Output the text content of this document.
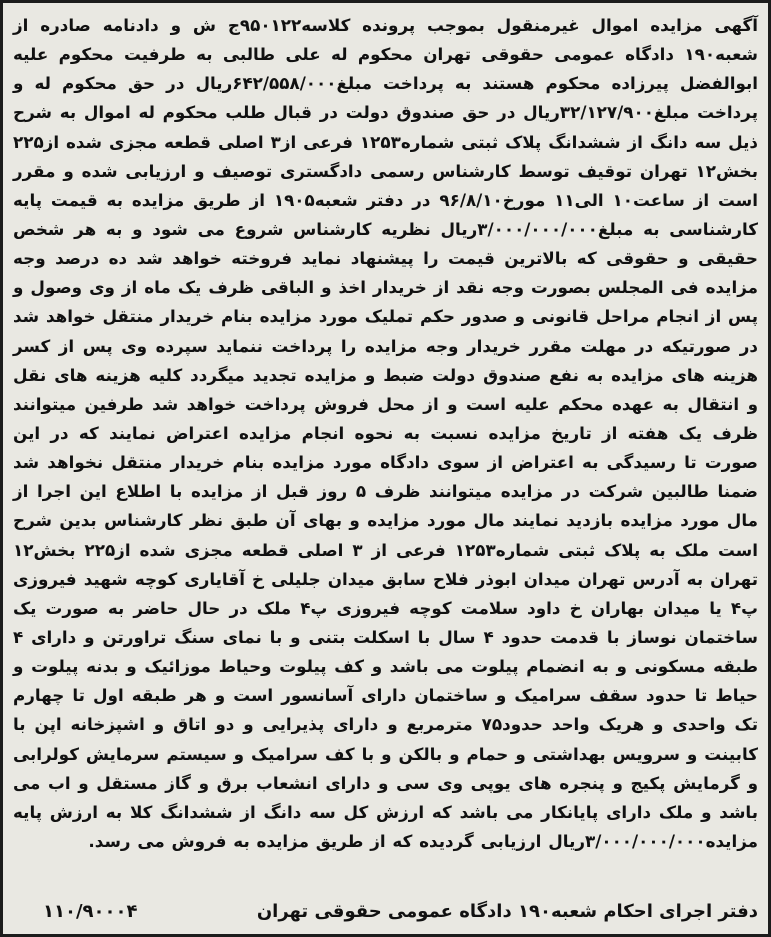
آگهی مزایده اموال غیرمنقول بموجب پرونده کلاسه۹۵۰۱۲۲ج ش و دادنامه صادره از شعبه۱۹۰ دادگاه عمومی حقوقی تهران محکوم له علی طالبی به طرفیت محکوم علیه ابوالفضل پیرزاده محکوم هستند به پرداخت مبلغ۶۴۲/۵۵۸/۰۰۰ریال در حق محکوم له و پرداخت مبلغ۳۲/۱۲۷/۹۰۰ریال در حق صندوق دولت در قبال طلب محکوم له اموال به شرح ذیل سه دانگ از ششدانگ پلاک ثبتی شماره۱۲۵۳ فرعی از۳ اصلی قطعه مجزی شده از۲۲۵ بخش۱۲ تهران توقیف توسط کارشناس رسمی دادگستری توصیف و ارزیابی شده و مقرر است از ساعت۱۰ الی۱۱ مورخ۹۶/۸/۱۰ در دفتر شعبه۱۹۰۵ از طریق مزایده به قیمت پایه کارشناسی به مبلغ۳/۰۰۰/۰۰۰/۰۰۰ریال نظریه کارشناس شروع می شود و به هر شخص حقیقی و حقوقی که بالاترین قیمت را پیشنهاد نماید فروخته خواهد شد ده درصد وجه مزایده فی المجلس بصورت وجه نقد از خریدار اخذ و الباقی ظرف یک ماه از وی وصول و پس از انجام مراحل قانونی و صدور حکم تملیک مورد مزایده بنام خریدار منتقل خواهد شد در صورتیکه در مهلت مقرر خریدار وجه مزایده را پرداخت ننماید سپرده وی پس از کسر هزینه های مزایده به نفع صندوق دولت ضبط و مزایده تجدید میگردد کلیه هزینه های نقل و انتقال به عهده محکم علیه است و از محل فروش پرداخت خواهد شد طرفین میتوانند ظرف یک هفته از تاریخ مزایده نسبت به نحوه انجام مزایده اعتراض نمایند که در این صورت تا رسیدگی به اعتراض از سوی دادگاه مورد مزایده بنام خریدار منتقل نخواهد شد ضمنا طالبین شرکت در مزایده میتوانند ظرف ۵ روز قبل از مزایده با اطلاع این اجرا از مال مورد مزایده بازدید نمایند مال مورد مزایده و بهای آن طبق نظر کارشناس بدین شرح است ملک به پلاک ثبتی شماره۱۲۵۳ فرعی از ۳ اصلی قطعه مجزی شده از۲۲۵ بخش۱۲ تهران به آدرس تهران میدان ابوذر فلاح سابق میدان جلیلی خ آقایاری کوچه شهید فیروزی پ۴ یا میدان بهاران خ داود سلامت کوچه فیروزی پ۴ ملک در حال حاضر به صورت یک ساختمان نوساز با قدمت حدود ۴ سال با اسکلت بتنی و با نمای سنگ تراورتن و دارای ۴ طبقه مسکونی و به انضمام پیلوت می باشد و کف پیلوت وحیاط موزائیک و بدنه پیلوت و حیاط تا حدود سقف سرامیک و ساختمان دارای آسانسور است و هر طبقه اول تا چهارم تک واحدی و هریک واحد حدود۷۵ مترمربع و دارای پذیرایی و دو اتاق و اشپزخانه اپن با کابینت و سرویس بهداشتی و حمام و بالکن و با کف سرامیک و سیستم سرمایش کولرابی و گرمایش پکیج و پنجره های یوپی وی سی و دارای انشعاب برق و گاز مستقل و اب می باشد و ملک دارای پایانکار می باشد که ارزش کل سه دانگ از ششدانگ کلا به ارزش پایه مزایده۳/۰۰۰/۰۰۰/۰۰۰ریال ارزیابی گردیده که از طریق مزایده به فروش می رسد.

دفتر اجرای احکام شعبه۱۹۰ دادگاه عمومی حقوقی تهران
۱۱۰/۹۰۰۰۴
